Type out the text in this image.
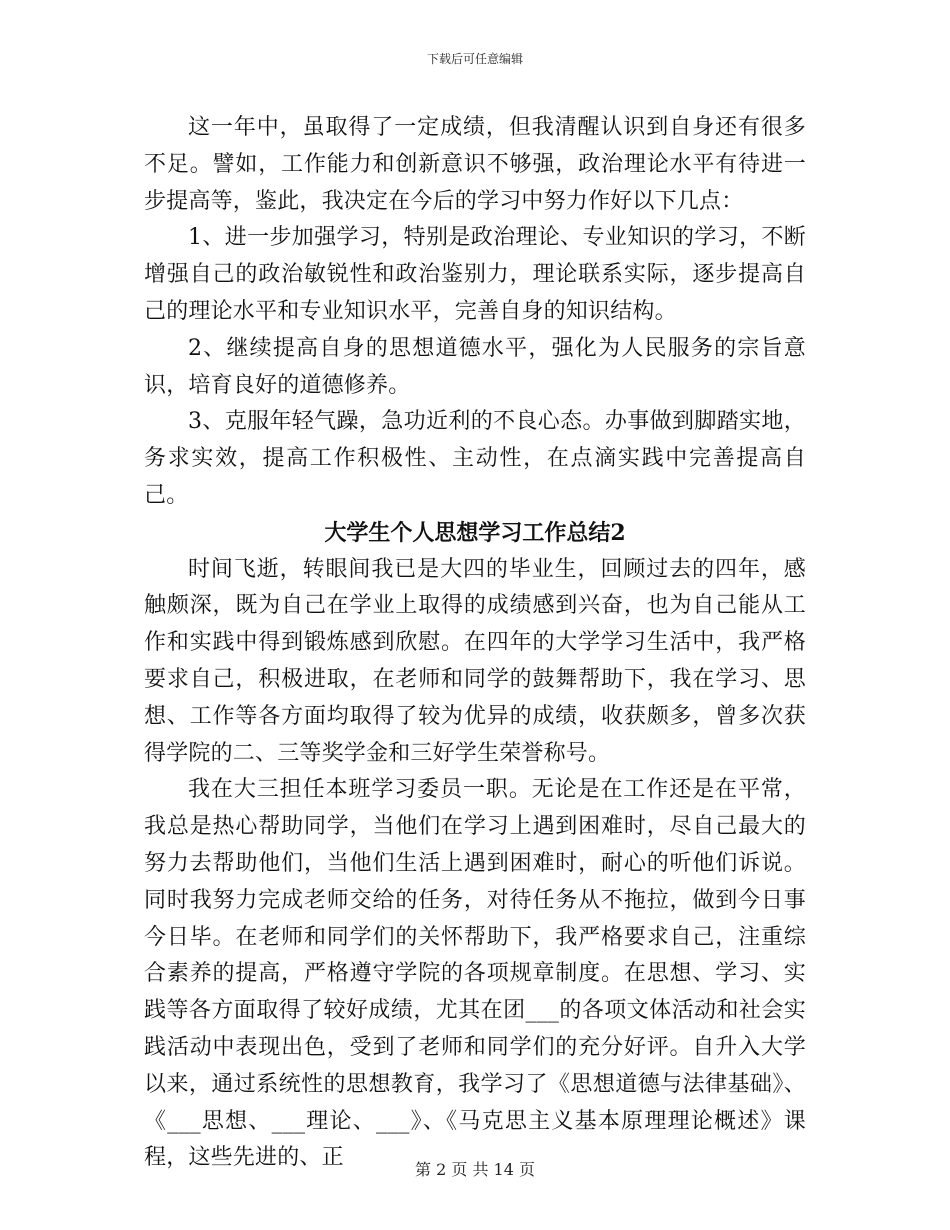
下载后可任意编辑

这一年中，虽取得了一定成绩，但我清醒认识到自身还有很多不足。譬如，工作能力和创新意识不够强，政治理论水平有待进一步提高等，鉴此，我决定在今后的学习中努力作好以下几点：

1、进一步加强学习，特别是政治理论、专业知识的学习，不断增强自己的政治敏锐性和政治鉴别力，理论联系实际，逐步提高自己的理论水平和专业知识水平，完善自身的知识结构。

2、继续提高自身的思想道德水平，强化为人民服务的宗旨意识，培育良好的道德修养。

3、克服年轻气躁，急功近利的不良心态。办事做到脚踏实地，务求实效，提高工作积极性、主动性，在点滴实践中完善提高自己。

大学生个人思想学习工作总结2

时间飞逝，转眼间我已是大四的毕业生，回顾过去的四年，感触颇深，既为自己在学业上取得的成绩感到兴奋，也为自己能从工作和实践中得到锻炼感到欣慰。在四年的大学学习生活中，我严格要求自己，积极进取，在老师和同学的鼓舞帮助下，我在学习、思想、工作等各方面均取得了较为优异的成绩，收获颇多，曾多次获得学院的二、三等奖学金和三好学生荣誉称号。

我在大三担任本班学习委员一职。无论是在工作还是在平常，我总是热心帮助同学，当他们在学习上遇到困难时，尽自己最大的努力去帮助他们，当他们生活上遇到困难时，耐心的听他们诉说。同时我努力完成老师交给的任务，对待任务从不拖拉，做到今日事今日毕。在老师和同学们的关怀帮助下，我严格要求自己，注重综合素养的提高，严格遵守学院的各项规章制度。在思想、学习、实践等各方面取得了较好成绩，尤其在团___的各项文体活动和社会实践活动中表现出色，受到了老师和同学们的充分好评。自升入大学以来，通过系统性的思想教育，我学习了《思想道德与法律基础》、《___思想、___理论、___》、《马克思主义基本原理理论概述》课程，这些先进的、正	第 2 页 共 14 页
